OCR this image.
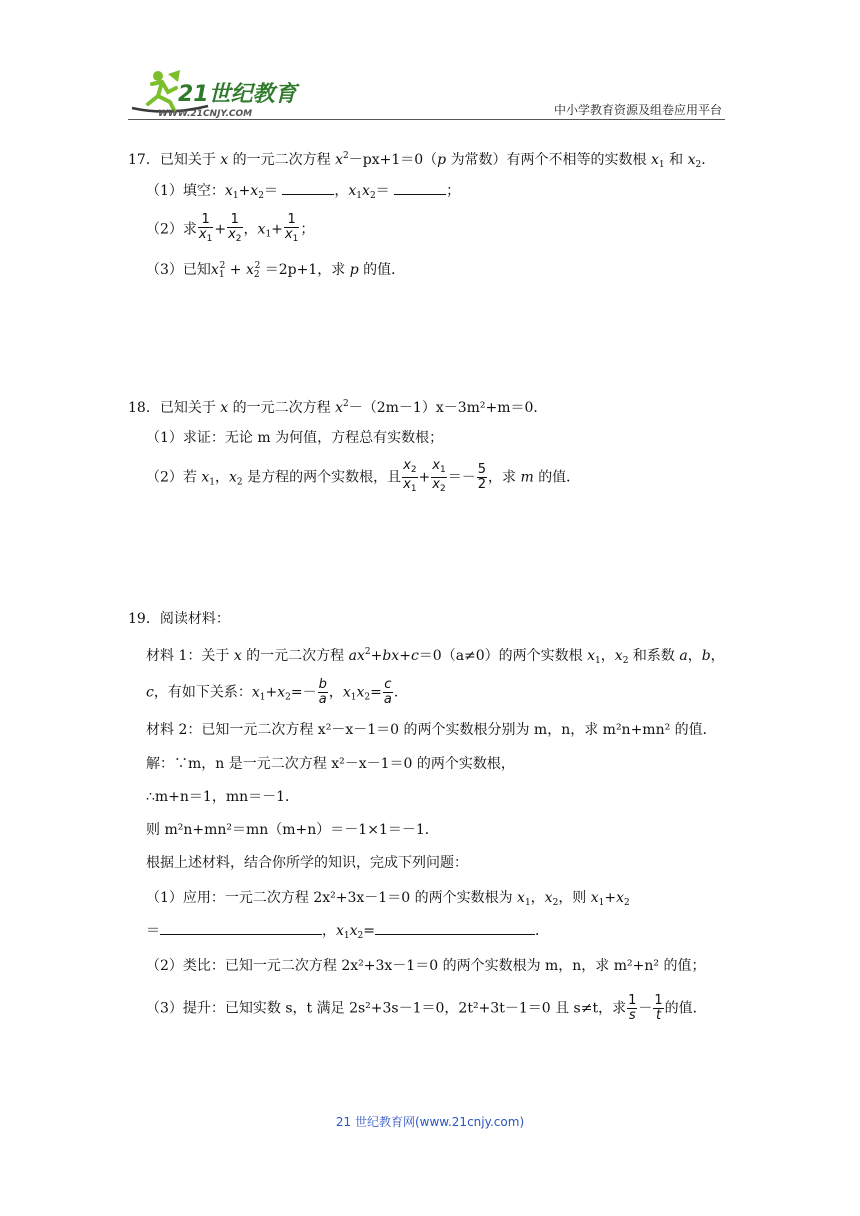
21世纪教育
WWW.21CNJY.COM	中小学教育资源及组卷应用平台
17．已知关于 x 的一元二次方程 $x^2-px+1=0(p$ 为常数）有两个不相等的实数根 $x_1$ 和 $x_2$.
（1）填空：$x_1+x_2=$	，$x_1x_2=$	；
（2）求 $\frac{1}{x_1} + \frac{1}{x_2}$ ，$x_1+ \frac{1}{x_1}$ ；
（3）已知$x_1^2 + x_2^2 =2p+1$，求 p 的值．
18．已知关于 x 的一元二次方程 $x^2-(2m-1)x-3m^2+m=0$．
（1）求证：无论 m 为何值，方程总有实数根；
（2）若 $x_1$，$x_2$ 是方程的两个实数根，且 $\frac{x_2}{x_1} + \frac{x_1}{x_2} =- \frac{5}{2}$ ，求 m 的值．
19．阅读材料：
材料 1：关于 x 的一元二次方程 $ax^2+bx+c=0(a\ne 0)$的两个实数根 $x_1$，$x_2$ 和系数 a，b，
c，有如下关系：$x_1+x_2=- \frac{b}{a}$ ，$x_1x_2= \frac{c}{a}$ .
材料 2：已知一元二次方程 x²－x－1＝0 的两个实数根分别为 m，n，求 m²n+mn² 的值．
解：∵m，n 是一元二次方程 x²－x－1＝0 的两个实数根，
∴m+n＝1，mn＝－1．
则 m²n+mn²＝mn（m+n）＝－1×1＝－1．
根据上述材料，结合你所学的知识，完成下列问题：
（1）应用：一元二次方程 2x²+3x－1＝0 的两个实数根为 $x_1$，$x_2$，则 $x_1+x_2$
＝	，$x_1x_2=$	．
（2）类比：已知一元二次方程 2x²+3x－1＝0 的两个实数根为 m，n，求 m²+n² 的值；
（3）提升：已知实数 s，t 满足 2s²+3s－1＝0，2t²+3t－1＝0 且 s≠t，求 $\frac{1}{s} - \frac{1}{t}$ 的值．
21 世纪教育网(www.21cnjy.com)
